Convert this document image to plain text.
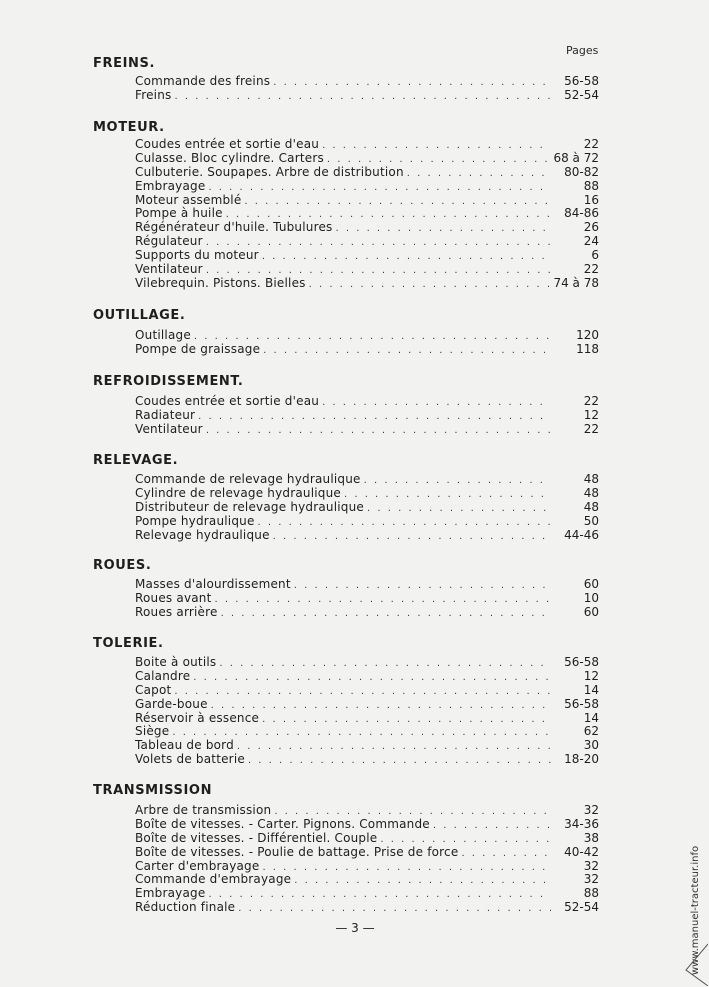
Pages
FREINS.
Commande des freins . . .	56-58
Freins . . .	52-54
MOTEUR.
Coudes entrée et sortie d'eau . . .	22
Culasse. Bloc cylindre. Carters . . .	68 à 72
Culbuterie. Soupapes. Arbre de distribution . . .	80-82
Embrayage . . .	88
Moteur assemblé . . .	16
Pompe à huile . . .	84-86
Régénérateur d'huile. Tubulures . . .	26
Régulateur . . .	24
Supports du moteur . . .	6
Ventilateur . . .	22
Vilebrequin. Pistons. Bielles . . .	74 à 78
OUTILLAGE.
Outillage . . .	120
Pompe de graissage . . .	118
REFROIDISSEMENT.
Coudes entrée et sortie d'eau . . .	22
Radiateur . . .	12
Ventilateur . . .	22
RELEVAGE.
Commande de relevage hydraulique . . .	48
Cylindre de relevage hydraulique . . .	48
Distributeur de relevage hydraulique . . .	48
Pompe hydraulique . . .	50
Relevage hydraulique . . .	44-46
ROUES.
Masses d'alourdissement . . .	60
Roues avant . . .	10
Roues arrière . . .	60
TOLERIE.
Boite à outils . . .	56-58
Calandre . . .	12
Capot . . .	14
Garde-boue . . .	56-58
Réservoir à essence . . .	14
Siège . . .	62
Tableau de bord . . .	30
Volets de batterie . . .	18-20
TRANSMISSION
Arbre de transmission . . .	32
Boîte de vitesses. - Carter. Pignons. Commande . . .	34-36
Boîte de vitesses. - Différentiel. Couple . . .	38
Boîte de vitesses. - Poulie de battage. Prise de force . . .	40-42
Carter d'embrayage . . .	32
Commande d'embrayage . . .	32
Embrayage . . .	88
Réduction finale . . .	52-54
— 3 —	www.manuel-tracteur.info
